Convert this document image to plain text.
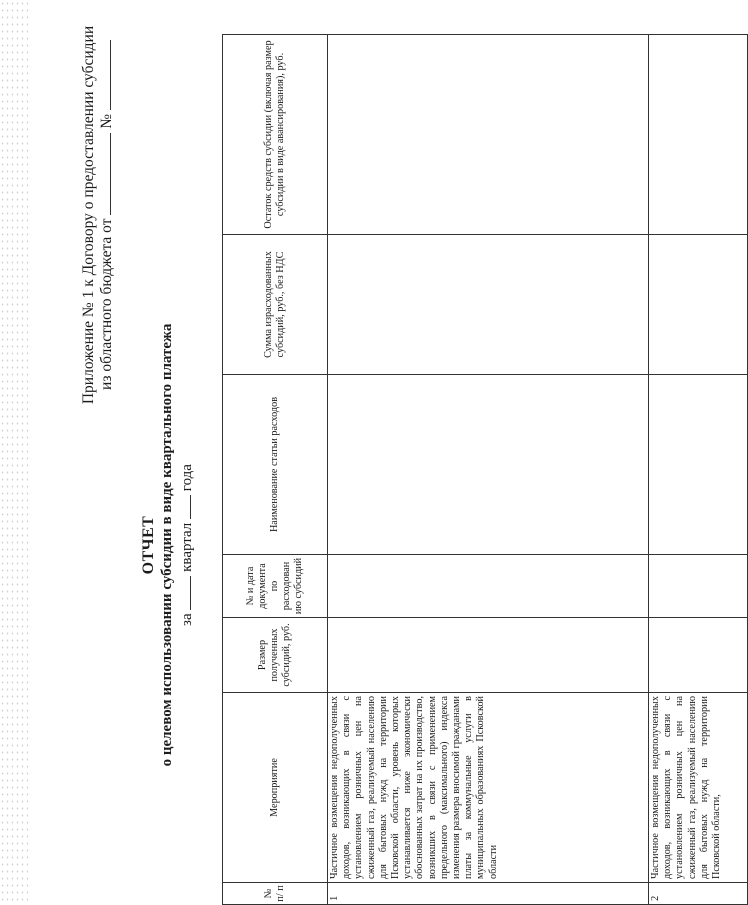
Приложение № 1 к Договору о предоставлении субсидии из областного бюджета от  №
ОТЧЕТ о целевом использовании субсидии в виде квартального платежа за  квартал  года
№ п/ п	Мероприятие	Размер полученных субсидий, руб.	№ и дата документа по расходован ию субсидий	Наименование статьи расходов	Сумма израсходованных субсидий, руб., без НДС	Остаток средств субсидии (включая размер субсидии в виде авансирования), руб.
1	Частичное возмещения недополученных доходов, возникающих в связи с установлением розничных цен на сжиженный газ, реализуемый населению для бытовых нужд на территории Псковской области, уровень которых устанавливается ниже экономически обоснованных затрат на их производство, возникших в связи с применением предельного (максимального) индекса изменения размера вносимой гражданами платы за коммунальные услуги в муниципальных образованиях Псковской области					
2	Частичное возмещения недополученных доходов, возникающих в связи с установлением розничных цен на сжиженный газ, реализуемый населению для бытовых нужд на территории Псковской области,					
